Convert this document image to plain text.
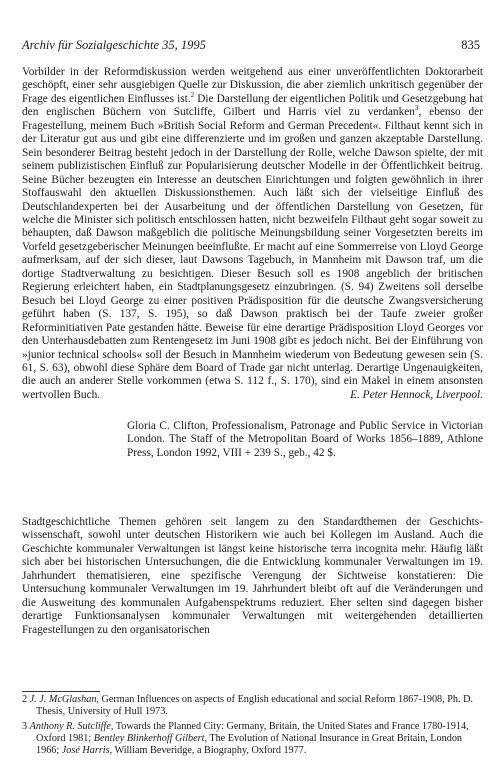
Archiv für Sozialgeschichte 35, 1995	835

Vorbilder in der Reformdiskussion werden weitgehend aus einer unveröffentlichten Doktorarbeit geschöpft, einer sehr ausgiebigen Quelle zur Diskussion, die aber ziemlich unkritisch gegenüber der Frage des eigentlichen Einflusses ist.$^2$ Die Darstellung der eigentlichen Politik und Gesetzgebung hat den englischen Büchern von Sutcliffe, Gilbert und Harris viel zu verdanken$^3$, ebenso der Fragestellung, meinem Buch »British Social Reform and German Precedent«. Filthaut kennt sich in der Literatur gut aus und gibt eine differenzierte und im großen und ganzen akzeptable Darstellung. Sein besonderer Beitrag besteht jedoch in der Darstellung der Rolle, welche Dawson spielte, der mit seinem publizistischen Einfluß zur Popularisierung deutscher Modelle in der Öffentlichkeit beitrug. Seine Bücher bezeugten ein Interesse an deutschen Einrichtungen und folgten gewöhnlich in ihrer Stoffauswahl den aktuellen Diskussionsthemen. Auch läßt sich der vielseitige Einfluß des Deutschlandexperten bei der Ausarbeitung und der öffentlichen Darstellung von Gesetzen, für welche die Minister sich politisch entschlossen hatten, nicht bezweifeln Filthaut geht sogar soweit zu behaupten, daß Dawson maßgeblich die politische Meinungsbildung seiner Vorgesetzten bereits im Vorfeld gesetzgeberischer Meinungen beeinflußte. Er macht auf eine Sommerreise von Lloyd George aufmerksam, auf der sich dieser, laut Dawsons Tagebuch, in Mannheim mit Dawson traf, um die dortige Stadtverwaltung zu besichtigen. Dieser Besuch soll es 1908 angeblich der britischen Regierung erleichtert haben, ein Stadtplanungsgesetz einzubringen. (S. 94) Zweitens soll derselbe Besuch bei Lloyd George zu einer positiven Prädisposition für die deutsche Zwangsversicherung geführt haben (S. 137, S. 195), so daß Dawson praktisch bei der Taufe zweier großer Reforminitiativen Pate gestanden hätte. Beweise für eine derartige Prädisposition Lloyd Georges vor den Unterhausdebatten zum Rentengesetz im Juni 1908 gibt es jedoch nicht. Bei der Einführung von »junior technical schools« soll der Besuch in Mannheim wiederum von Bedeutung gewesen sein (S. 61, S. 63), obwohl diese Sphäre dem Board of Trade gar nicht unterlag. Derartige Ungenauigkeiten, die auch an anderer Stelle vorkommen (etwa S. 112 f., S. 170), sind ein Makel in einem ansonsten wertvollen Buch.	E. Peter Hennock, Liverpool.

Gloria C. Clifton, Professionalism, Patronage and Public Service in Victorian London. The Staff of the Metropolitan Board of Works 1856–1889, Athlone Press, London 1992, VIII + 239 S., geb., 42 $.

Stadtgeschichtliche Themen gehören seit langem zu den Standardthemen der Geschichtswissenschaft, sowohl unter deutschen Historikern wie auch bei Kollegen im Ausland. Auch die Geschichte kommunaler Verwaltungen ist längst keine historische terra incognita mehr. Häufig läßt sich aber bei historischen Untersuchungen, die die Entwicklung kommunaler Verwaltungen im 19. Jahrhundert thematisieren, eine spezifische Verengung der Sichtweise konstatieren: Die Untersuchung kommunaler Verwaltungen im 19. Jahrhundert bleibt oft auf die Veränderungen und die Ausweitung des kommunalen Aufgabenspektrums reduziert. Eher selten sind dagegen bisher derartige Funktionsanalysen kommunaler Verwaltungen mit weitergehenden detaillierten Fragestellungen zu den organisatorischen

2 J. J. McGlashan, German Influences on aspects of English educational and social Reform 1867-1908, Ph. D. Thesis, University of Hull 1973.
3 Anthony R. Sutcliffe, Towards the Planned City: Germany, Britain, the United States and France 1780-1914, Oxford 1981; Bentley Blinkerhoff Gilbert, The Evolution of National Insurance in Great Britain, London 1966; José Harris, William Beveridge, a Biography, Oxford 1977.
